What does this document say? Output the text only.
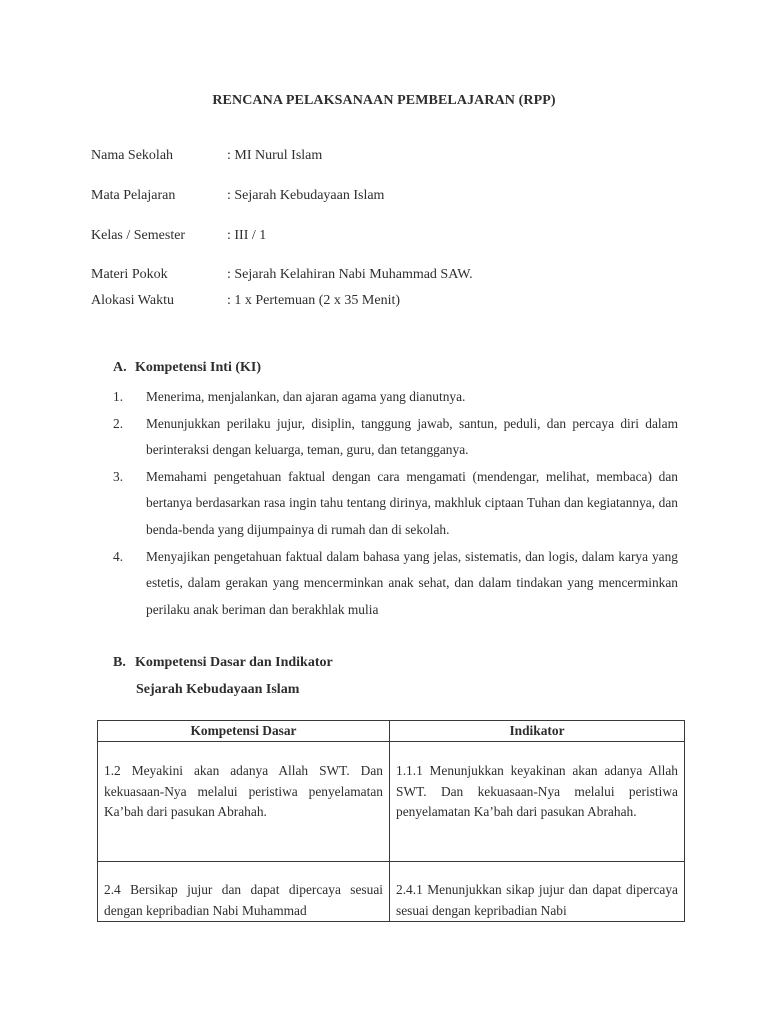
RENCANA PELAKSANAAN PEMBELAJARAN (RPP)
Nama Sekolah	: MI Nurul Islam
Mata Pelajaran	: Sejarah Kebudayaan Islam
Kelas / Semester	: III / 1
Materi Pokok	: Sejarah Kelahiran Nabi Muhammad SAW.
Alokasi Waktu	: 1 x Pertemuan (2 x 35 Menit)
A. Kompetensi Inti (KI)
1. Menerima, menjalankan, dan ajaran agama yang dianutnya.
2. Menunjukkan perilaku jujur, disiplin, tanggung jawab, santun, peduli, dan percaya diri dalam berinteraksi dengan keluarga, teman, guru, dan tetangganya.
3. Memahami pengetahuan faktual dengan cara mengamati (mendengar, melihat, membaca) dan bertanya berdasarkan rasa ingin tahu tentang dirinya, makhluk ciptaan Tuhan dan kegiatannya, dan benda-benda yang dijumpainya di rumah dan di sekolah.
4. Menyajikan pengetahuan faktual dalam bahasa yang jelas, sistematis, dan logis, dalam karya yang estetis, dalam gerakan yang mencerminkan anak sehat, dan dalam tindakan yang mencerminkan perilaku anak beriman dan berakhlak mulia
B. Kompetensi Dasar dan Indikator
Sejarah Kebudayaan Islam
Kompetensi Dasar	Indikator
1.2 Meyakini akan adanya Allah SWT. Dan kekuasaan-Nya melalui peristiwa penyelamatan Ka’bah dari pasukan Abrahah.	1.1.1 Menunjukkan keyakinan akan adanya Allah SWT. Dan kekuasaan-Nya melalui peristiwa penyelamatan Ka’bah dari pasukan Abrahah.
2.4 Bersikap jujur dan dapat dipercaya sesuai dengan kepribadian Nabi Muhammad	2.4.1 Menunjukkan sikap jujur dan dapat dipercaya sesuai dengan kepribadian Nabi
